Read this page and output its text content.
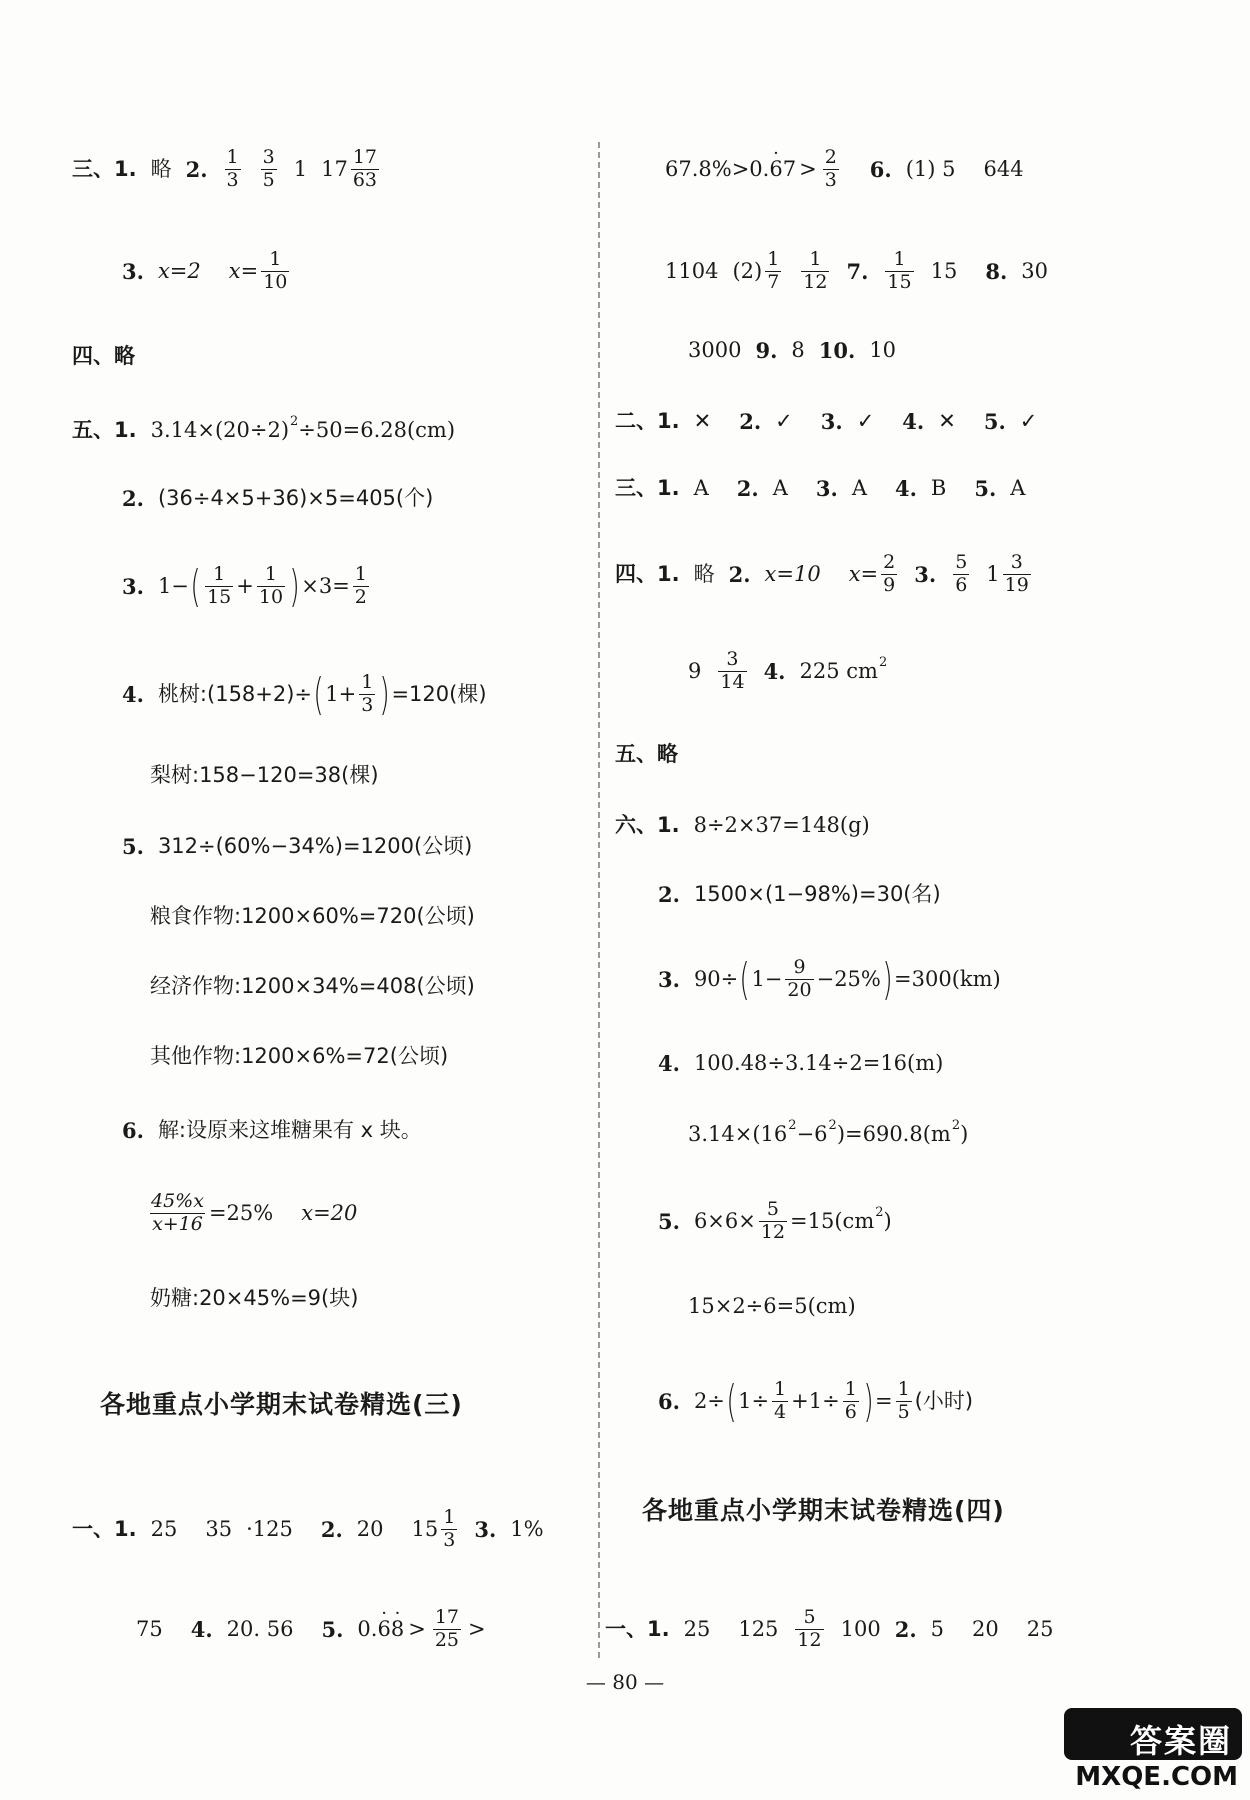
三、1. 略 2. $\frac{1}{3} \frac{3}{5} 1$ $17 \frac{17}{63}$
3. x=2 $x= \frac{1}{10}$
四、略
五、1. 3.14×(20÷2) 2 ÷50=6.28(cm)
2. (36÷4×5+36)×5=405(个)
3. 1− ( $\frac{1}{15} + \frac{1}{10}$ ) $\times 3= \frac{1}{2}$
4. 桃树:(158+2)÷ ( $1+ \frac{1}{3}$ ) =120(棵)
梨树:158−120=38(棵)
5. 312÷(60%−34%)=1200(公顷)
粮食作物:1200×60%=720(公顷)
经济作物:1200×34%=408(公顷)
其他作物:1200×6%=72(公顷)
6. 解:设原来这堆糖果有 x 块。
$\frac{45\%x}{x+16} =25\%$ x=20
奶糖:20×45%=9(块)
各地重点小学期末试卷精选(三)
一、1. 25 35 ·125 2. 20 $15 \frac{1}{3} 3$. 1%
75 4. 20. 56 5. 0.
· 6
· $8 > \frac{17}{25}$ >
67.8%>0.
· 6 $7 > \frac{2}{3} 6$. (1) 5 644
1104 $(2) \frac{1}{7} \frac{1}{12} 7$. $\frac{1}{15} 15$ 8. 30
3000 9. 8 10. 10
二、1. ✕ 2. ✓ 3. ✓ 4. ✕ 5. ✓
三、1. A 2. A 3. A 4. B 5. A
四、1. 略 2. x=10 $x= \frac{2}{9} 3$. $\frac{5}{6} 1 \frac{3}{19}$
$9 \frac{3}{14} 4$. 225 cm 2
五、略
六、1. 8÷2×37=148(g)
2. 1500×(1−98%)=30(名)
3. 90÷ ( $1- \frac{9}{20} -25\%$ ) =300(km)
4. 100.48÷3.14÷2=16(m)
3.14×(16 2 −6 2 )=690.8(m 2 )
5. $6\times 6\times \frac{5}{12} =15(cm$ 2 )
15×2÷6=5(cm)
6. 2÷ ( $1\div \frac{1}{4} +1\div \frac{1}{6}$ ) = $\frac{1}{5}$ (小时)
各地重点小学期末试卷精选(四)
一、1. 25 $125 \frac{5}{12} 100$ 2. 5 20 25
— 80 —
答案圈
MXQE.COM
